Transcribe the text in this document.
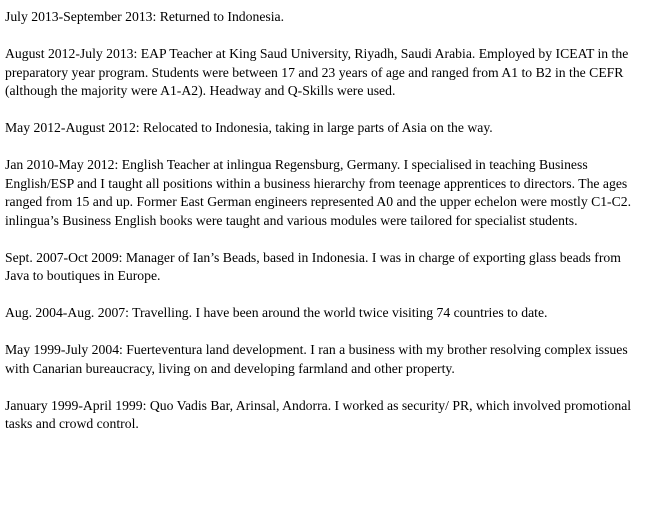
July 2013-September 2013: Returned to Indonesia.

August 2012-July 2013: EAP Teacher at King Saud University, Riyadh, Saudi Arabia. Employed by ICEAT in the preparatory year program. Students were between 17 and 23 years of age and ranged from A1 to B2 in the CEFR (although the majority were A1-A2). Headway and Q-Skills were used.

May 2012-August 2012: Relocated to Indonesia, taking in large parts of Asia on the way.

Jan 2010-May 2012: English Teacher at inlingua Regensburg, Germany. I specialised in teaching Business English/ESP and I taught all positions within a business hierarchy from teenage apprentices to directors. The ages ranged from 15 and up. Former East German engineers represented A0 and the upper echelon were mostly C1-C2. inlingua’s Business English books were taught and various modules were tailored for specialist students.

Sept. 2007-Oct 2009: Manager of Ian’s Beads, based in Indonesia. I was in charge of exporting glass beads from Java to boutiques in Europe.

Aug. 2004-Aug. 2007: Travelling. I have been around the world twice visiting 74 countries to date.

May 1999-July 2004: Fuerteventura land development. I ran a business with my brother resolving complex issues with Canarian bureaucracy, living on and developing farmland and other property.

January 1999-April 1999: Quo Vadis Bar, Arinsal, Andorra. I worked as security/ PR, which involved promotional tasks and crowd control.
